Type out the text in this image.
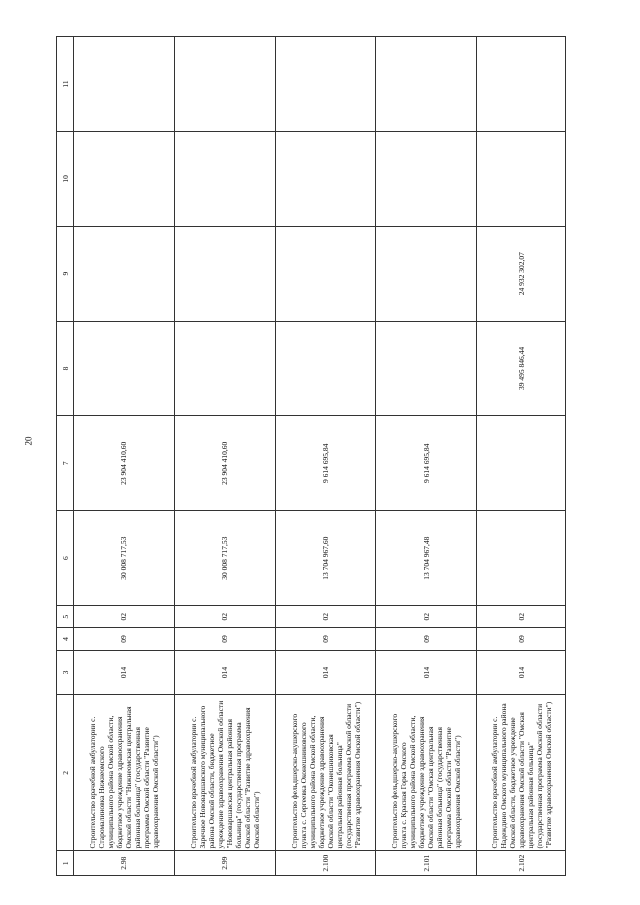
20
1	2	3	4	5	6	7	8	9	10	11
2.98	Строительство врачебной амбулатории с. Старомалиновка Нижнеомского муниципального района Омской области, бюджетное учреждение здравоохранения Омской области "Нижнеомская центральная районная больница" (государственная программа Омской области "Развитие здравоохранения Омской области")	014	09	02	30 008 717,53	23 904 410,60				
2.99	Строительство врачебной амбулатории с. Заречное Нововаршавского муниципального района Омской области, бюджетное учреждение здравоохранения Омской области "Нововаршавская центральная районная больница" (государственная программа Омской области "Развитие здравоохранения Омской области")	014	09	02	30 008 717,53	23 904 410,60				
2.100	Строительство фельдшерско-акушерского пункта с. Сергеевка Оконешниковского муниципального района Омской области, бюджетное учреждение здравоохранения Омской области "Оконешниковская центральная районная больница" (государственная программа Омской области "Развитие здравоохранения Омской области")	014	09	02	13 704 967,60	9 614 695,84				
2.101	Строительство фельдшерско-акушерского пункта с. Красная Горка Омского муниципального района Омской области, бюджетное учреждение здравоохранения Омской области "Омская центральная районная больница" (государственная программа Омской области "Развитие здравоохранения Омской области")	014	09	02	13 704 967,48	9 614 695,84				
2.102	Строительство врачебной амбулатории с. Надеждино Омского муниципального района Омской области, бюджетное учреждение здравоохранения Омской области "Омская центральная районная больница" (государственная программа Омской области "Развитие здравоохранения Омской области")	014	09	02			39 495 846,44	24 932 302,07		
